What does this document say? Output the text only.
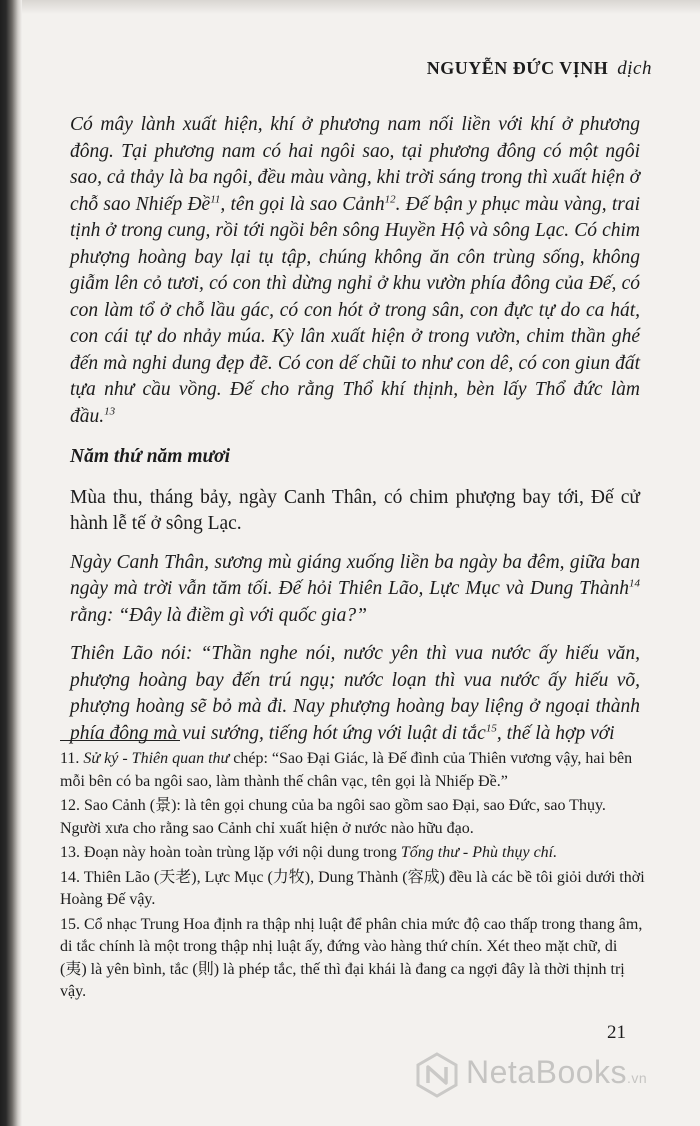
NGUYỄN ĐỨC VỊNH dịch

Có mây lành xuất hiện, khí ở phương nam nối liền với khí ở phương đông. Tại phương nam có hai ngôi sao, tại phương đông có một ngôi sao, cả thảy là ba ngôi, đều màu vàng, khi trời sáng trong thì xuất hiện ở chỗ sao Nhiếp Đề$^{11}$, tên gọi là sao Cảnh$^{12}$. Đế bận y phục màu vàng, trai tịnh ở trong cung, rồi tới ngồi bên sông Huyền Hộ và sông Lạc. Có chim phượng hoàng bay lại tụ tập, chúng không ăn côn trùng sống, không giẫm lên cỏ tươi, có con thì dừng nghỉ ở khu vườn phía đông của Đế, có con làm tổ ở chỗ lầu gác, có con hót ở trong sân, con đực tự do ca hát, con cái tự do nhảy múa. Kỳ lân xuất hiện ở trong vườn, chim thần ghé đến mà nghi dung đẹp đẽ. Có con dế chũi to như con dê, có con giun đất tựa như cầu vồng. Đế cho rằng Thổ khí thịnh, bèn lấy Thổ đức làm đầu.$^{13}$

Năm thứ năm mươi

Mùa thu, tháng bảy, ngày Canh Thân, có chim phượng bay tới, Đế cử hành lễ tế ở sông Lạc.

Ngày Canh Thân, sương mù giáng xuống liền ba ngày ba đêm, giữa ban ngày mà trời vẫn tăm tối. Đế hỏi Thiên Lão, Lực Mục và Dung Thành$^{14}$ rằng: “Đây là điềm gì với quốc gia?”

Thiên Lão nói: “Thần nghe nói, nước yên thì vua nước ấy hiếu văn, phượng hoàng bay đến trú ngụ; nước loạn thì vua nước ấy hiếu võ, phượng hoàng sẽ bỏ mà đi. Nay phượng hoàng bay liệng ở ngoại thành phía đông mà vui sướng, tiếng hót ứng với luật di tắc$^{15}$, thế là hợp với

11. Sử ký - Thiên quan thư chép: “Sao Đại Giác, là Đế đình của Thiên vương vậy, hai bên mỗi bên có ba ngôi sao, làm thành thế chân vạc, tên gọi là Nhiếp Đề.”

12. Sao Cảnh (景): là tên gọi chung của ba ngôi sao gồm sao Đại, sao Đức, sao Thụy. Người xưa cho rằng sao Cảnh chỉ xuất hiện ở nước nào hữu đạo.

13. Đoạn này hoàn toàn trùng lặp với nội dung trong Tống thư - Phù thụy chí.

14. Thiên Lão (天老), Lực Mục (力牧), Dung Thành (容成) đều là các bề tôi giỏi dưới thời Hoàng Đế vậy.

15. Cổ nhạc Trung Hoa định ra thập nhị luật để phân chia mức độ cao thấp trong thang âm, di tắc chính là một trong thập nhị luật ấy, đứng vào hàng thứ chín. Xét theo mặt chữ, di (夷) là yên bình, tắc (則) là phép tắc, thế thì đại khái là đang ca ngợi đây là thời thịnh trị vậy.

21
NetaBooks.vn
